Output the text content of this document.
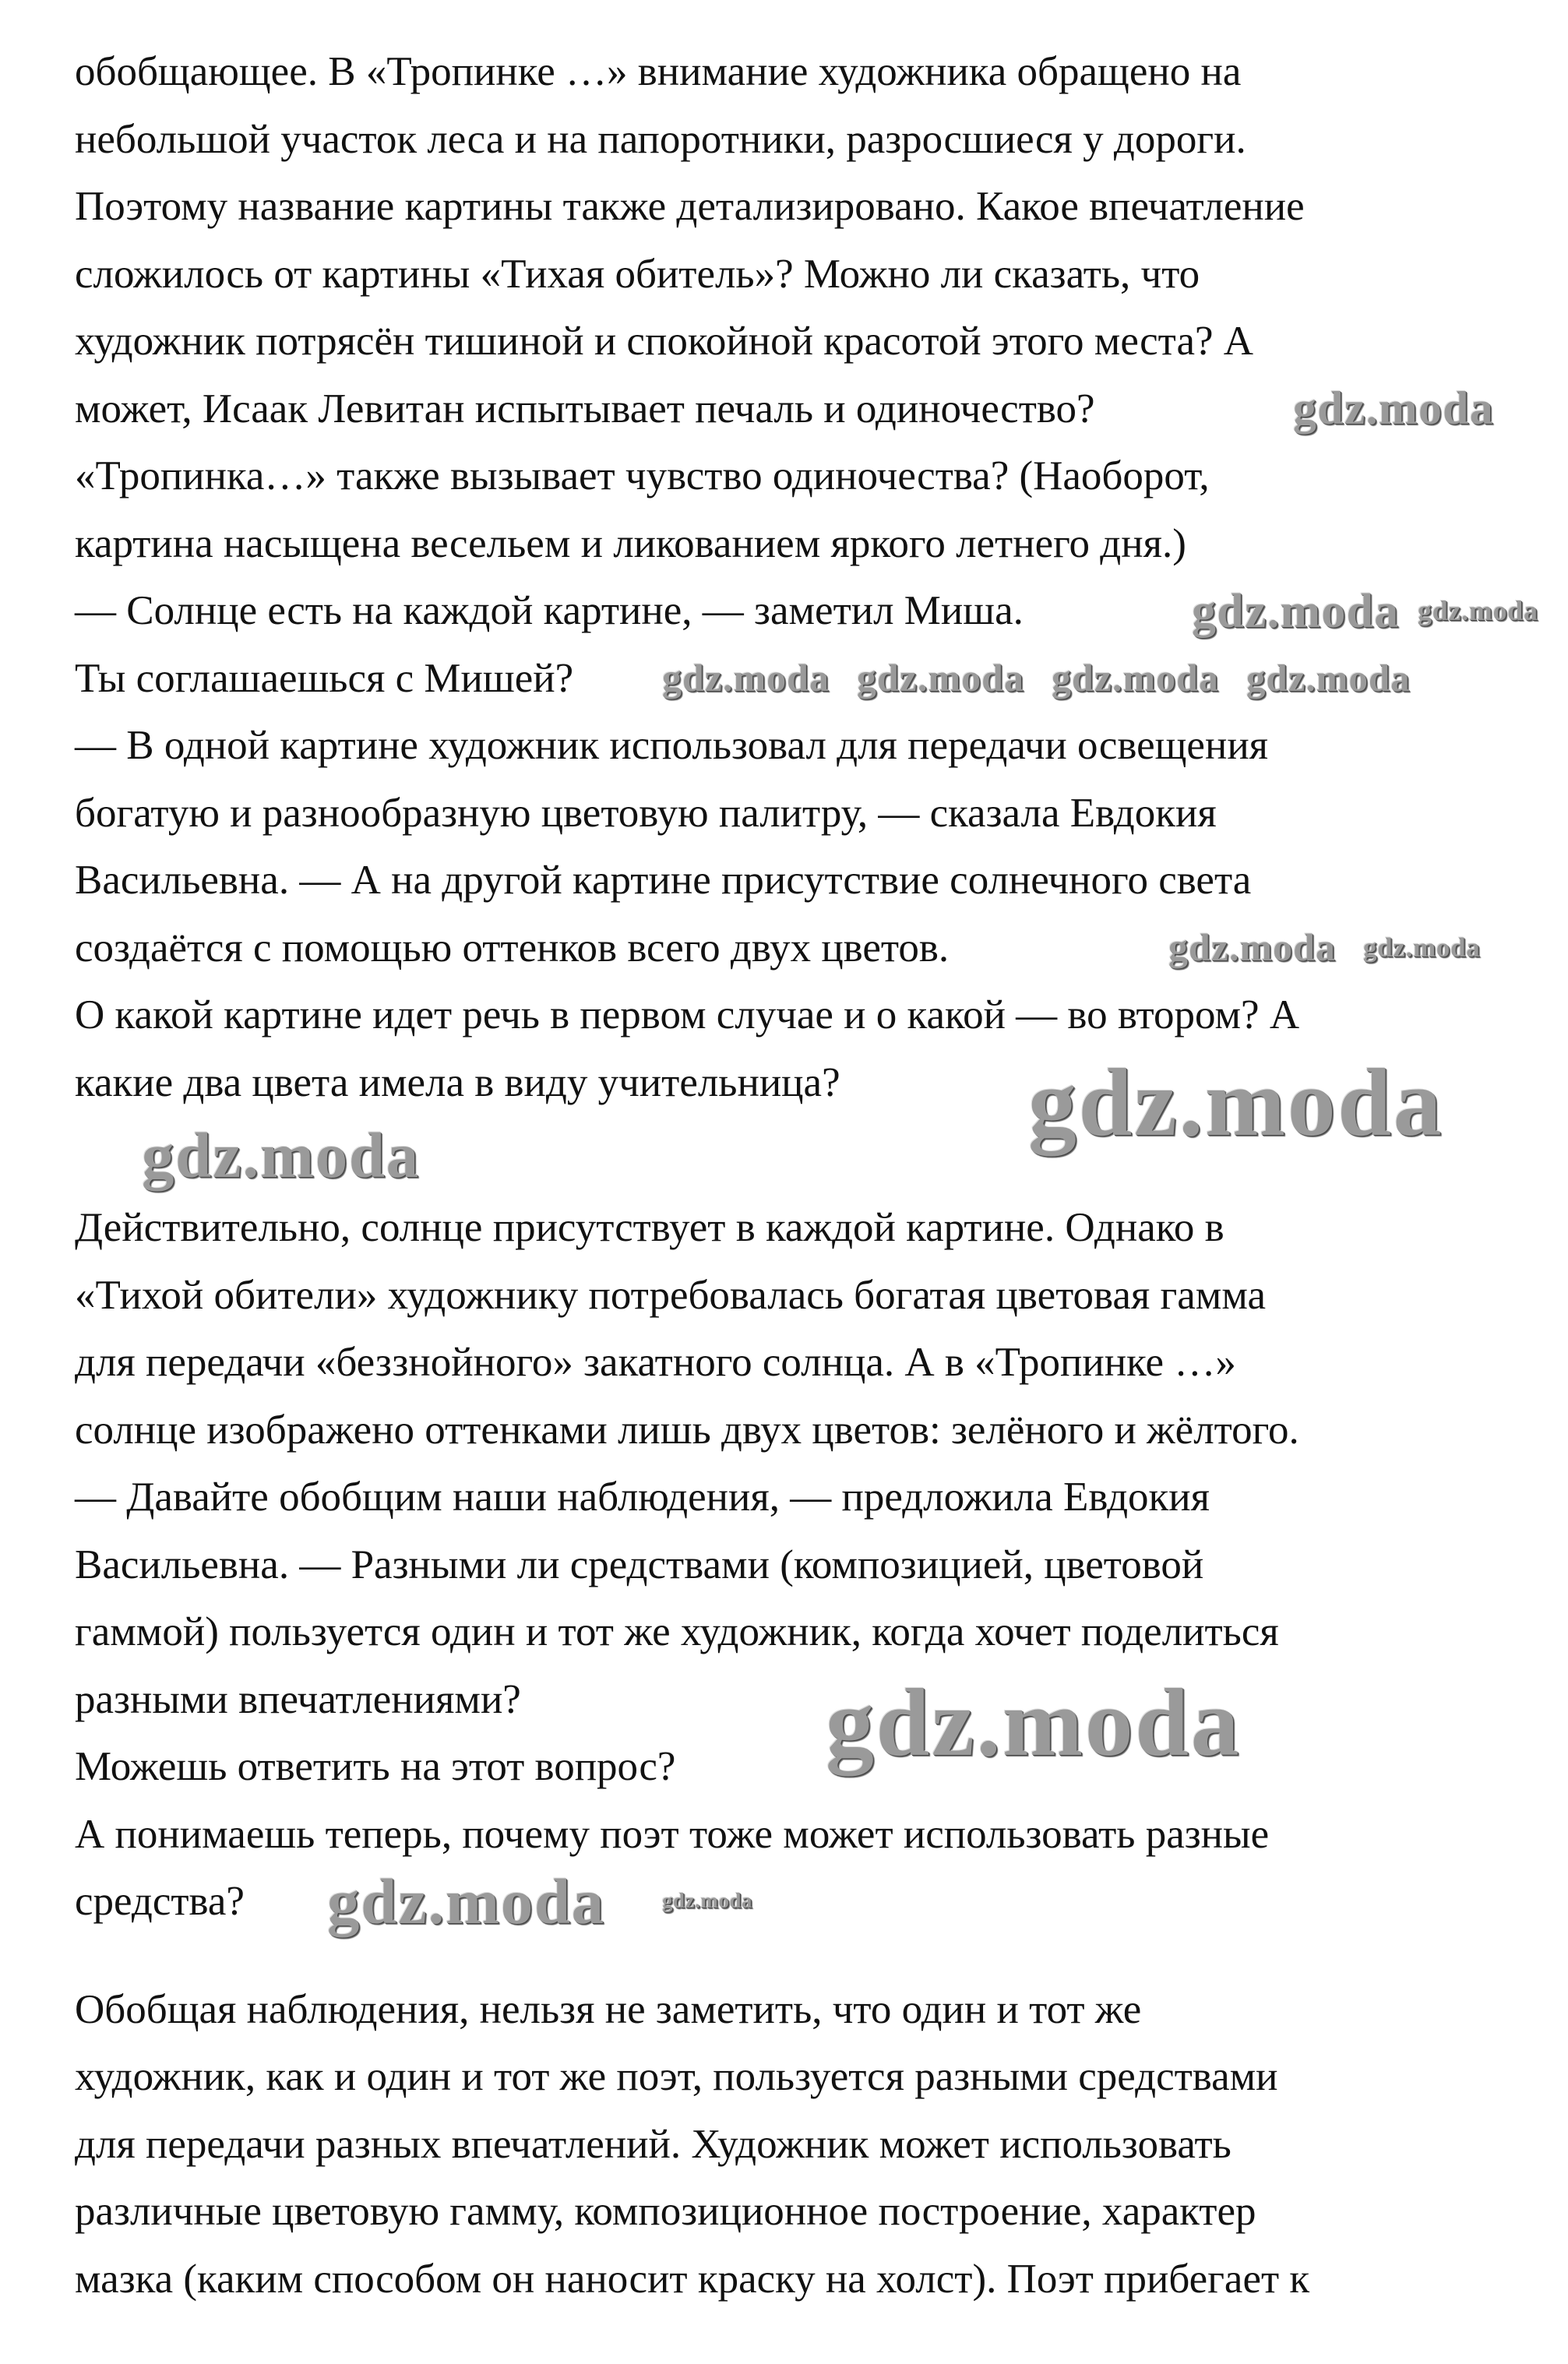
обобщающее. В «Тропинке …» внимание художника обращено на
небольшой участок леса и на папоротники, разросшиеся у дороги.
Поэтому название картины также детализировано. Какое впечатление
сложилось от картины «Тихая обитель»? Можно ли сказать, что
художник потрясён тишиной и спокойной красотой этого места? А
может, Исаак Левитан испытывает печаль и одиночество?
«Тропинка…» также вызывает чувство одиночества? (Наоборот,
картина насыщена весельем и ликованием яркого летнего дня.)
— Солнце есть на каждой картине, — заметил Миша.
Ты соглашаешься с Мишей?
— В одной картине художник использовал для передачи освещения
богатую и разнообразную цветовую палитру, — сказала Евдокия
Васильевна. — А на другой картине присутствие солнечного света
создаётся с помощью оттенков всего двух цветов.
О какой картине идет речь в первом случае и о какой — во втором? А
какие два цвета имела в виду учительница?
Действительно, солнце присутствует в каждой картине. Однако в
«Тихой обители» художнику потребовалась богатая цветовая гамма
для передачи «беззнойного» закатного солнца. А в «Тропинке …»
солнце изображено оттенками лишь двух цветов: зелёного и жёлтого.
— Давайте обобщим наши наблюдения, — предложила Евдокия
Васильевна. — Разными ли средствами (композицией, цветовой
гаммой) пользуется один и тот же художник, когда хочет поделиться
разными впечатлениями?
Можешь ответить на этот вопрос?
А понимаешь теперь, почему поэт тоже может использовать разные
средства?
Обобщая наблюдения, нельзя не заметить, что один и тот же
художник, как и один и тот же поэт, пользуется разными средствами
для передачи разных впечатлений. Художник может использовать
различные цветовую гамму, композиционное построение, характер
мазка (каким способом он наносит краску на холст). Поэт прибегает к
gdz.moda gdz.moda
gdz.moda gdz.moda
gdz.moda
gdz.moda
gdz.moda
gdz.moda
gdz.moda
gdz.moda
gdz.moda
gdz.moda
gdz.moda gdz.moda
